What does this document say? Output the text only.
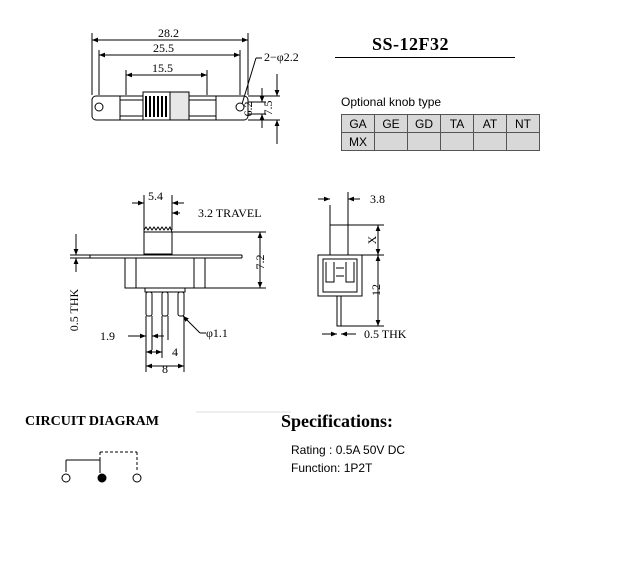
28.2
25.5
15.5
2−φ2.2
6.2 7.5
5.4
3.2 TRAVEL
0.5 THK
7.2
1.9	φ1.1
4
8
3.8
X
12
0.5 THK
SS-12F32
Optional knob type
GA	GE	GD	TA	AT	NT
MX					
CIRCUIT DIAGRAM	Specifications:
Rating : 0.5A 50V DC
Function: 1P2T
